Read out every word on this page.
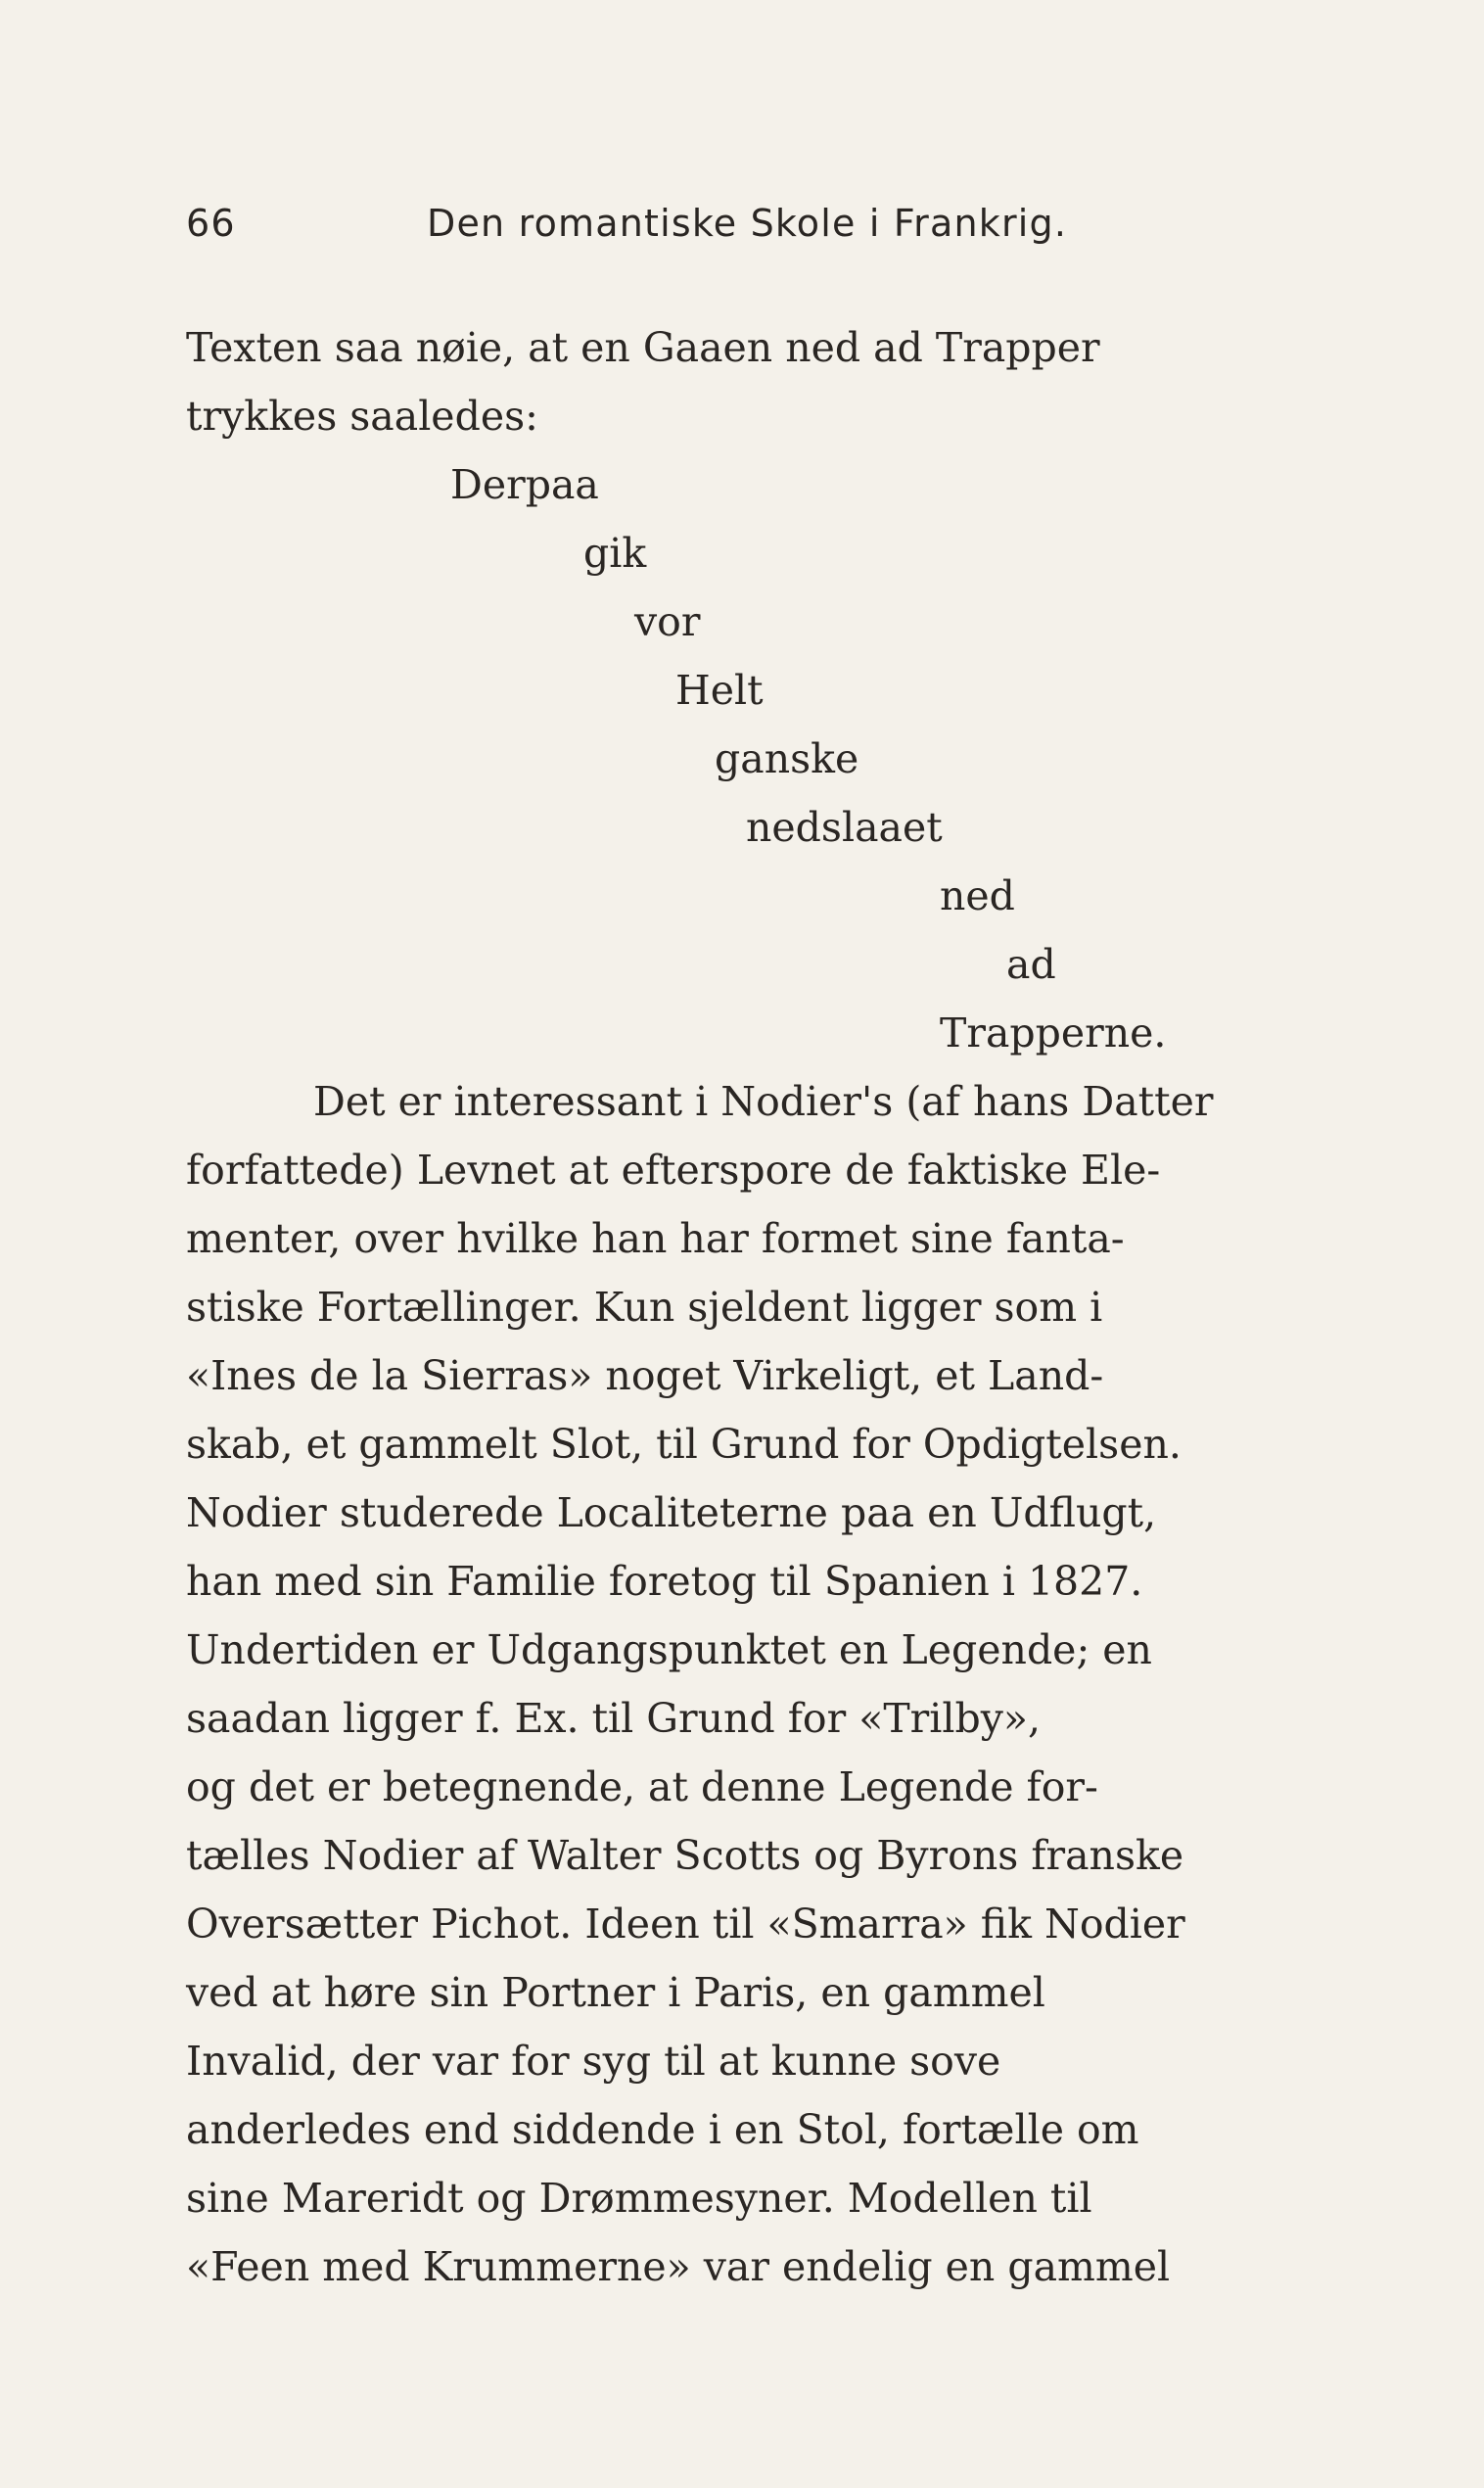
66	Den romantiske Skole i Frankrig.
Texten saa nøie, at en Gaaen ned ad Trapper
trykkes saaledes:
Derpaa
gik
vor
Helt
ganske
nedslaaet
ned
ad
Trapperne.
Det er interessant i Nodier's (af hans Datter
forfattede) Levnet at efterspore de faktiske Ele-
menter, over hvilke han har formet sine fanta-
stiske Fortællinger. Kun sjeldent ligger som i
«Ines de la Sierras» noget Virkeligt, et Land-
skab, et gammelt Slot, til Grund for Opdigtelsen.
Nodier studerede Localiteterne paa en Udflugt,
han med sin Familie foretog til Spanien i 1827.
Undertiden er Udgangspunktet en Legende; en
saadan ligger f. Ex. til Grund for «Trilby»,
og det er betegnende, at denne Legende for-
tælles Nodier af Walter Scotts og Byrons franske
Oversætter Pichot. Ideen til «Smarra» fik Nodier
ved at høre sin Portner i Paris, en gammel
Invalid, der var for syg til at kunne sove
anderledes end siddende i en Stol, fortælle om
sine Mareridt og Drømmesyner. Modellen til
«Feen med Krummerne» var endelig en gammel
